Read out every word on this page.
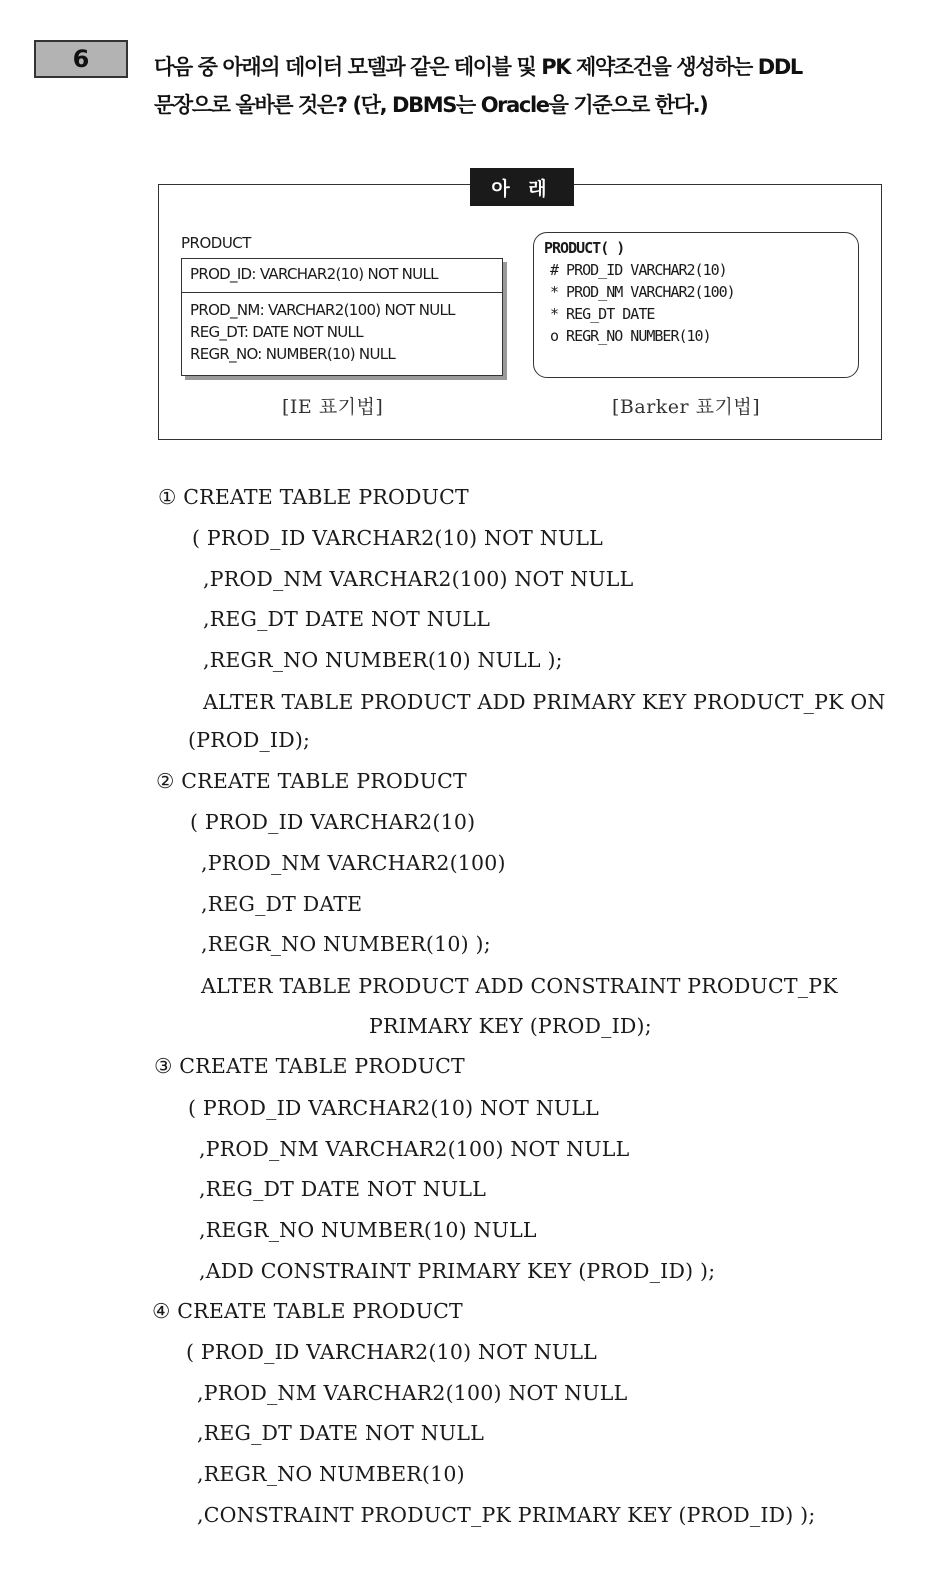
6	다음 중 아래의 데이터 모델과 같은 테이블 및 PK 제약조건을 생성하는 DDL
문장으로 올바른 것은? (단, DBMS는 Oracle을 기준으로 한다.)
아 래
PRODUCT
PROD_ID: VARCHAR2(10) NOT NULL
PROD_NM: VARCHAR2(100) NOT NULL
REG_DT: DATE NOT NULL
REGR_NO: NUMBER(10) NULL
[IE 표기법]
PRODUCT( )
# PROD_ID VARCHAR2(10)
* PROD_NM VARCHAR2(100)
* REG_DT DATE
o REGR_NO NUMBER(10)
[Barker 표기법]
① CREATE TABLE PRODUCT
( PROD_ID VARCHAR2(10) NOT NULL
,PROD_NM VARCHAR2(100) NOT NULL
,REG_DT DATE NOT NULL
,REGR_NO NUMBER(10) NULL );
ALTER TABLE PRODUCT ADD PRIMARY KEY PRODUCT_PK ON
(PROD_ID);
② CREATE TABLE PRODUCT
( PROD_ID VARCHAR2(10)
,PROD_NM VARCHAR2(100)
,REG_DT DATE
,REGR_NO NUMBER(10) );
ALTER TABLE PRODUCT ADD CONSTRAINT PRODUCT_PK
PRIMARY KEY (PROD_ID);
③ CREATE TABLE PRODUCT
( PROD_ID VARCHAR2(10) NOT NULL
,PROD_NM VARCHAR2(100) NOT NULL
,REG_DT DATE NOT NULL
,REGR_NO NUMBER(10) NULL
,ADD CONSTRAINT PRIMARY KEY (PROD_ID) );
④ CREATE TABLE PRODUCT
( PROD_ID VARCHAR2(10) NOT NULL
,PROD_NM VARCHAR2(100) NOT NULL
,REG_DT DATE NOT NULL
,REGR_NO NUMBER(10)
,CONSTRAINT PRODUCT_PK PRIMARY KEY (PROD_ID) );
